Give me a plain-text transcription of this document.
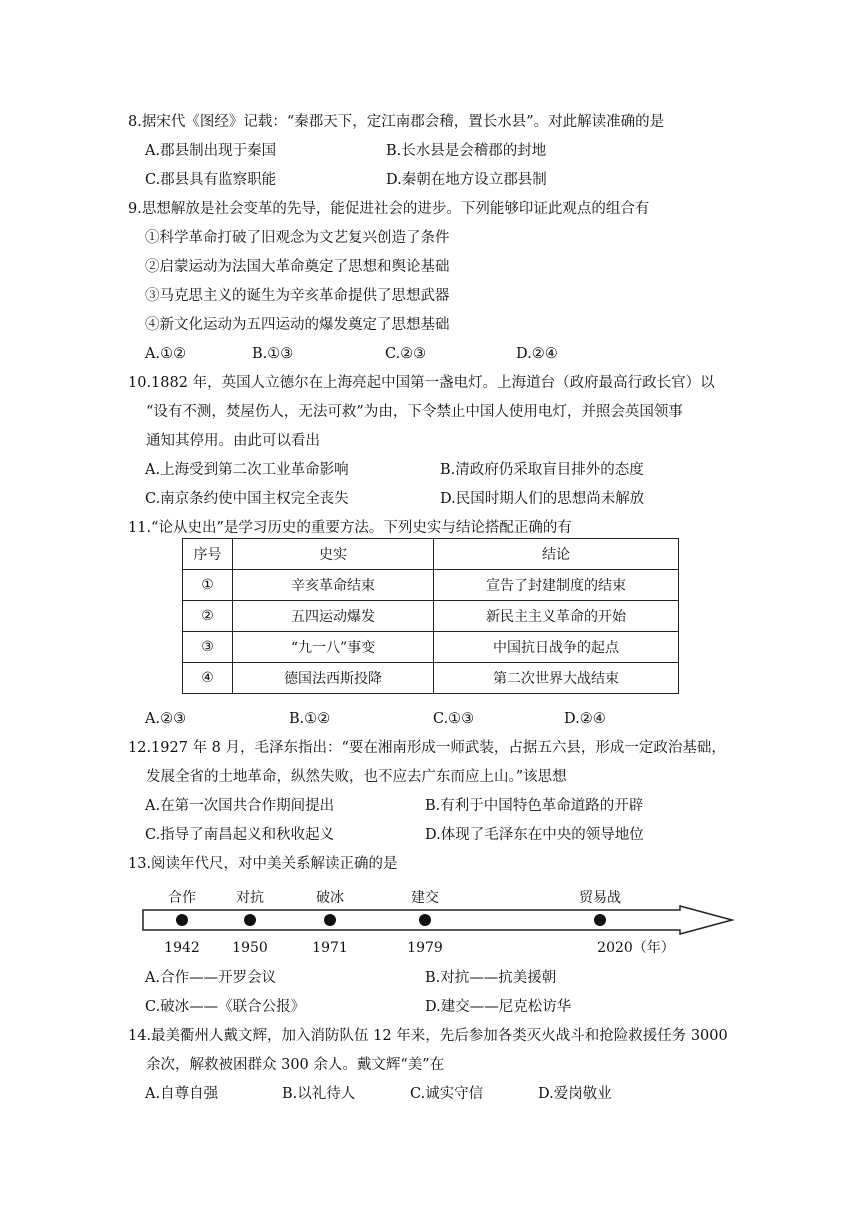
8.据宋代《图经》记载：“秦郡天下，定江南郡会稽，置长水县”。对此解读准确的是
A.郡县制出现于秦国	B.长水县是会稽郡的封地
C.郡县具有监察职能	D.秦朝在地方设立郡县制
9.思想解放是社会变革的先导，能促进社会的进步。下列能够印证此观点的组合有
①科学革命打破了旧观念为文艺复兴创造了条件
②启蒙运动为法国大革命奠定了思想和舆论基础
③马克思主义的诞生为辛亥革命提供了思想武器
④新文化运动为五四运动的爆发奠定了思想基础
A.①②	B.①③	C.②③	D.②④
10.1882 年，英国人立德尔在上海亮起中国第一盏电灯。上海道台（政府最高行政长官）以
“设有不测，焚屋伤人，无法可救”为由，下令禁止中国人使用电灯，并照会英国领事
通知其停用。由此可以看出
A.上海受到第二次工业革命影响	B.清政府仍采取盲目排外的态度
C.南京条约使中国主权完全丧失	D.民国时期人们的思想尚未解放
11.“论从史出”是学习历史的重要方法。下列史实与结论搭配正确的有
序号	史实	结论
①	辛亥革命结束	宣告了封建制度的结束
②	五四运动爆发	新民主主义革命的开始
③	“九一八”事变	中国抗日战争的起点
④	德国法西斯投降	第二次世界大战结束
A.②③	B.①②	C.①③	D.②④
12.1927 年 8 月，毛泽东指出：“要在湘南形成一师武装，占据五六县，形成一定政治基础，
发展全省的土地革命，纵然失败，也不应去广东而应上山。”该思想
A.在第一次国共合作期间提出	B.有利于中国特色革命道路的开辟
C.指导了南昌起义和秋收起义	D.体现了毛泽东在中央的领导地位
13.阅读年代尺，对中美关系解读正确的是
合作
1942
对抗
1950
破冰
1971
建交
1979
贸易战
2020（年）
A.合作——开罗会议	B.对抗——抗美援朝
C.破冰——《联合公报》	D.建交——尼克松访华
14.最美衢州人戴文辉，加入消防队伍 12 年来，先后参加各类灭火战斗和抢险救援任务 3000
余次，解救被困群众 300 余人。戴文辉“美”在
A.自尊自强	B.以礼待人	C.诚实守信	D.爱岗敬业
